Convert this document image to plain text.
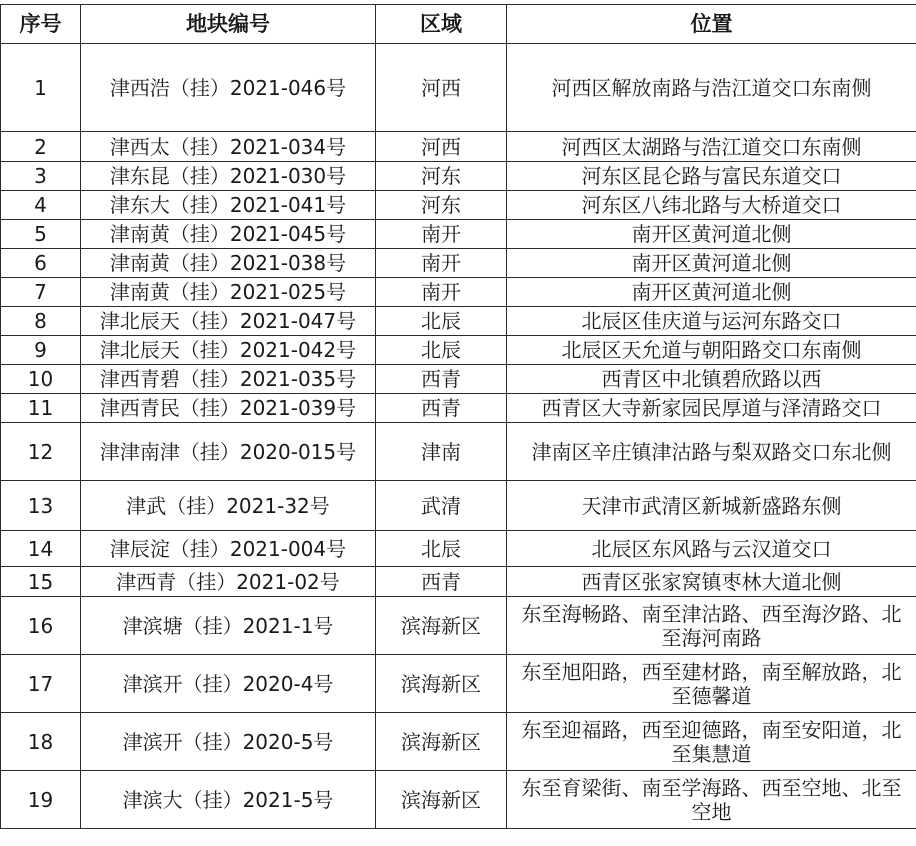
序号	地块编号	区域	位置
1	津西浩（挂）2021-046号	河西	河西区解放南路与浩江道交口东南侧
2	津西太（挂）2021-034号	河西	河西区太湖路与浩江道交口东南侧
3	津东昆（挂）2021-030号	河东	河东区昆仑路与富民东道交口
4	津东大（挂）2021-041号	河东	河东区八纬北路与大桥道交口
5	津南黄（挂）2021-045号	南开	南开区黄河道北侧
6	津南黄（挂）2021-038号	南开	南开区黄河道北侧
7	津南黄（挂）2021-025号	南开	南开区黄河道北侧
8	津北辰天（挂）2021-047号	北辰	北辰区佳庆道与运河东路交口
9	津北辰天（挂）2021-042号	北辰	北辰区天允道与朝阳路交口东南侧
10	津西青碧（挂）2021-035号	西青	西青区中北镇碧欣路以西
11	津西青民（挂）2021-039号	西青	西青区大寺新家园民厚道与泽清路交口
12	津津南津（挂）2020-015号	津南	津南区辛庄镇津沽路与梨双路交口东北侧
13	津武（挂）2021-32号	武清	天津市武清区新城新盛路东侧
14	津辰淀（挂）2021-004号	北辰	北辰区东风路与云汉道交口
15	津西青（挂）2021-02号	西青	西青区张家窝镇枣林大道北侧
16	津滨塘（挂）2021-1号	滨海新区	东至海畅路、南至津沽路、西至海汐路、北至海河南路
17	津滨开（挂）2020-4号	滨海新区	东至旭阳路，西至建材路，南至解放路，北至德馨道
18	津滨开（挂）2020-5号	滨海新区	东至迎福路，西至迎德路，南至安阳道，北至集慧道
19	津滨大（挂）2021-5号	滨海新区	东至育梁街、南至学海路、西至空地、北至空地
